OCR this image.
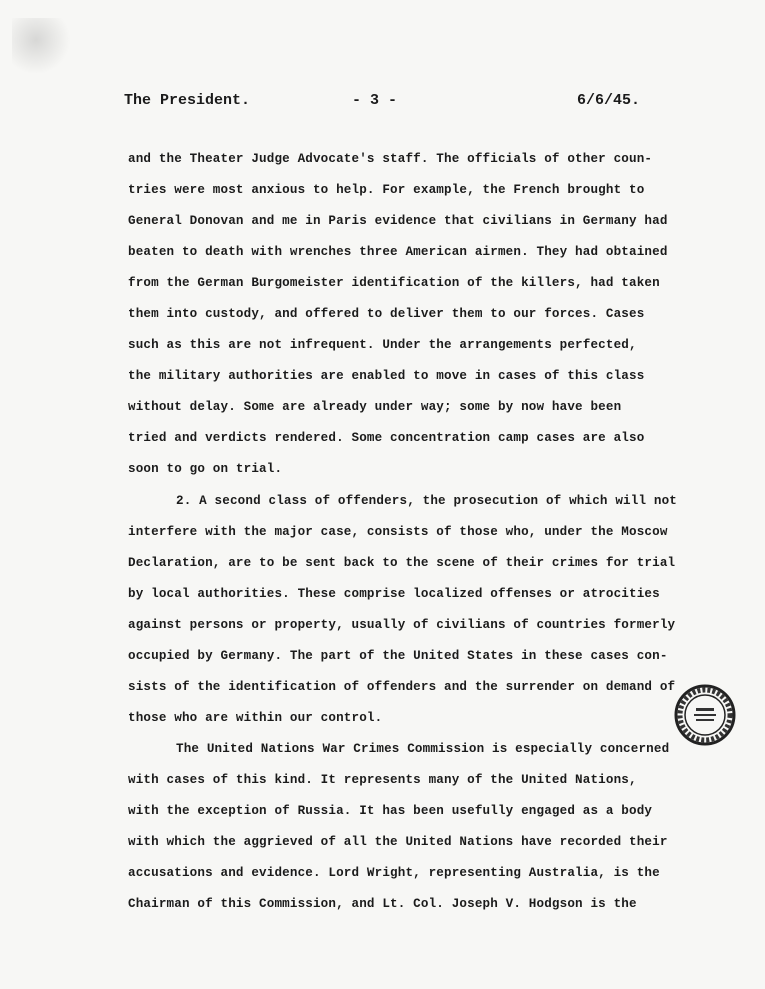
The President.	- 3 -	6/6/45.
and the Theater Judge Advocate's staff. The officials of other coun-
tries were most anxious to help. For example, the French brought to
General Donovan and me in Paris evidence that civilians in Germany had
beaten to death with wrenches three American airmen. They had obtained
from the German Burgomeister identification of the killers, had taken
them into custody, and offered to deliver them to our forces. Cases
such as this are not infrequent. Under the arrangements perfected,
the military authorities are enabled to move in cases of this class
without delay. Some are already under way; some by now have been
tried and verdicts rendered. Some concentration camp cases are also
soon to go on trial.
2. A second class of offenders, the prosecution of which will not
interfere with the major case, consists of those who, under the Moscow
Declaration, are to be sent back to the scene of their crimes for trial
by local authorities. These comprise localized offenses or atrocities
against persons or property, usually of civilians of countries formerly
occupied by Germany. The part of the United States in these cases con-
sists of the identification of offenders and the surrender on demand of
those who are within our control.
The United Nations War Crimes Commission is especially concerned
with cases of this kind. It represents many of the United Nations,
with the exception of Russia. It has been usefully engaged as a body
with which the aggrieved of all the United Nations have recorded their
accusations and evidence. Lord Wright, representing Australia, is the
Chairman of this Commission, and Lt. Col. Joseph V. Hodgson is the
